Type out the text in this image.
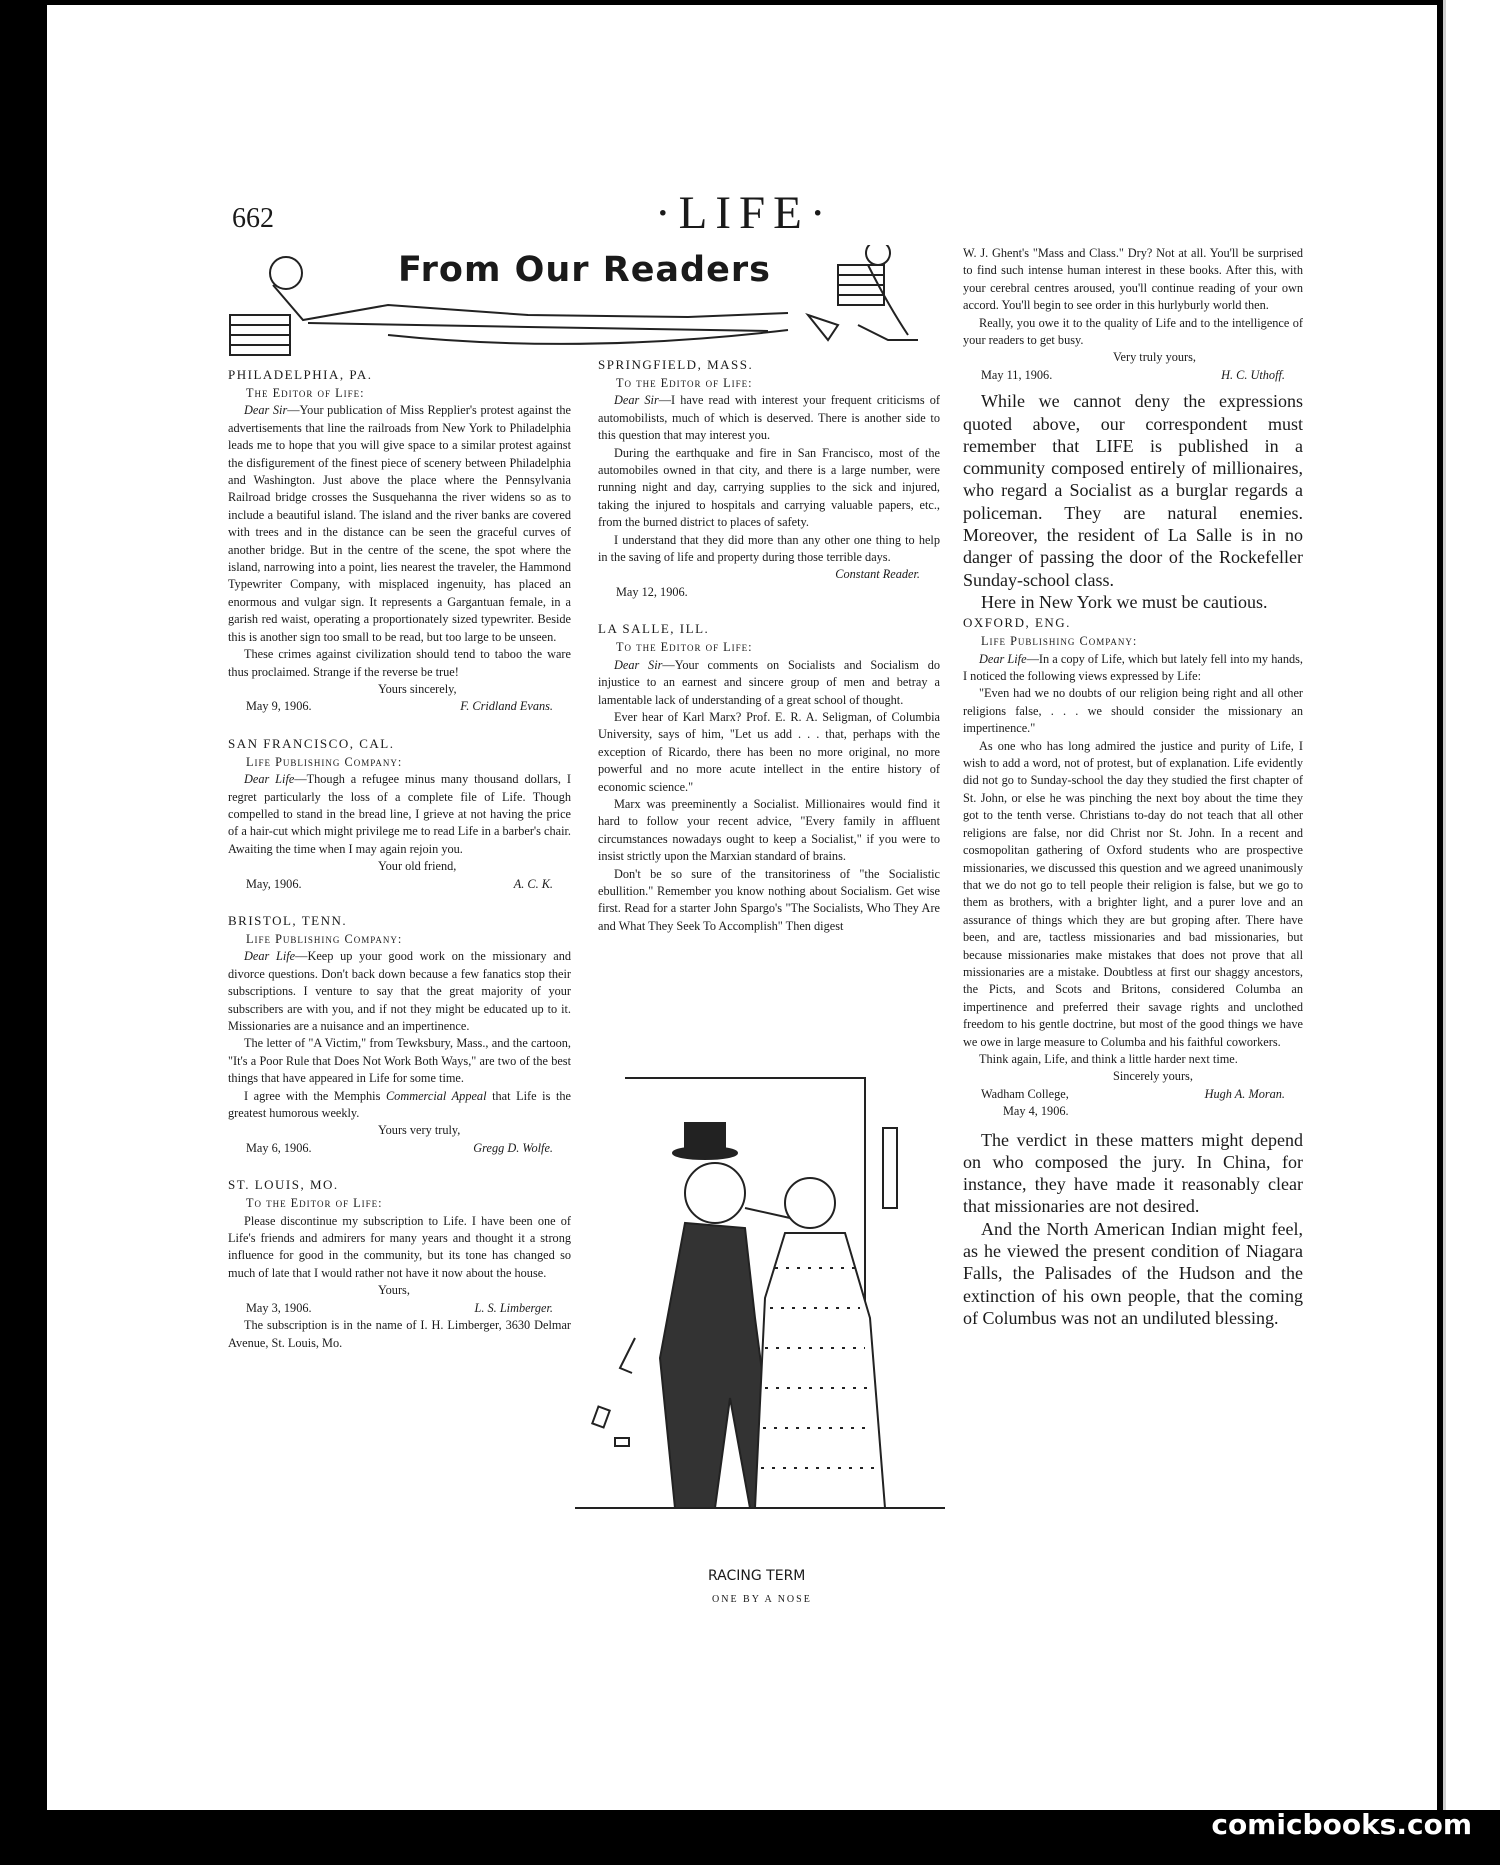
662	·LIFE·
From Our Readers

PHILADELPHIA, PA.

The Editor of Life:

Dear Sir—Your publication of Miss Repplier's protest against the advertisements that line the railroads from New York to Philadelphia leads me to hope that you will give space to a similar protest against the disfigurement of the finest piece of scenery between Philadelphia and Washington. Just above the place where the Pennsylvania Railroad bridge crosses the Susquehanna the river widens so as to include a beautiful island. The island and the river banks are covered with trees and in the distance can be seen the graceful curves of another bridge. But in the centre of the scene, the spot where the island, narrowing into a point, lies nearest the traveler, the Hammond Typewriter Company, with misplaced ingenuity, has placed an enormous and vulgar sign. It represents a Gargantuan female, in a garish red waist, operating a proportionately sized typewriter. Beside this is another sign too small to be read, but too large to be unseen.

These crimes against civilization should tend to taboo the ware thus proclaimed. Strange if the reverse be true!

Yours sincerely,

May 9, 1906.	F. Cridland Evans.

SAN FRANCISCO, CAL.

Life Publishing Company:

Dear Life—Though a refugee minus many thousand dollars, I regret particularly the loss of a complete file of Life. Though compelled to stand in the bread line, I grieve at not having the price of a hair-cut which might privilege me to read Life in a barber's chair. Awaiting the time when I may again rejoin you.

Your old friend,

May, 1906.	A. C. K.

BRISTOL, TENN.

Life Publishing Company:

Dear Life—Keep up your good work on the missionary and divorce questions. Don't back down because a few fanatics stop their subscriptions. I venture to say that the great majority of your subscribers are with you, and if not they might be educated up to it. Missionaries are a nuisance and an impertinence.

The letter of "A Victim," from Tewksbury, Mass., and the cartoon, "It's a Poor Rule that Does Not Work Both Ways," are two of the best things that have appeared in Life for some time.

I agree with the Memphis Commercial Appeal that Life is the greatest humorous weekly.

Yours very truly,

May 6, 1906.	Gregg D. Wolfe.

ST. LOUIS, MO.

To the Editor of Life:

Please discontinue my subscription to Life. I have been one of Life's friends and admirers for many years and thought it a strong influence for good in the community, but its tone has changed so much of late that I would rather not have it now about the house.

Yours,

May 3, 1906.	L. S. Limberger.

The subscription is in the name of I. H. Limberger, 3630 Delmar Avenue, St. Louis, Mo.

SPRINGFIELD, MASS.

To the Editor of Life:

Dear Sir—I have read with interest your frequent criticisms of automobilists, much of which is deserved. There is another side to this question that may interest you.

During the earthquake and fire in San Francisco, most of the automobiles owned in that city, and there is a large number, were running night and day, carrying supplies to the sick and injured, taking the injured to hospitals and carrying valuable papers, etc., from the burned district to places of safety.

I understand that they did more than any other one thing to help in the saving of life and property during those terrible days.

Constant Reader.

May 12, 1906.

LA SALLE, ILL.

To the Editor of Life:

Dear Sir—Your comments on Socialists and Socialism do injustice to an earnest and sincere group of men and betray a lamentable lack of understanding of a great school of thought.

Ever hear of Karl Marx? Prof. E. R. A. Seligman, of Columbia University, says of him, "Let us add . . . that, perhaps with the exception of Ricardo, there has been no more original, no more powerful and no more acute intellect in the entire history of economic science."

Marx was preeminently a Socialist. Millionaires would find it hard to follow your recent advice, "Every family in affluent circumstances nowadays ought to keep a Socialist," if you were to insist strictly upon the Marxian standard of brains.

Don't be so sure of the transitoriness of "the Socialistic ebullition." Remember you know nothing about Socialism. Get wise first. Read for a starter John Spargo's "The Socialists, Who They Are and What They Seek To Accomplish" Then digest

RACING TERM
ONE BY A NOSE

W. J. Ghent's "Mass and Class." Dry? Not at all. You'll be surprised to find such intense human interest in these books. After this, with your cerebral centres aroused, you'll continue reading of your own accord. You'll begin to see order in this hurlyburly world then.

Really, you owe it to the quality of Life and to the intelligence of your readers to get busy.

Very truly yours,

May 11, 1906.	H. C. Uthoff.

While we cannot deny the expressions quoted above, our correspondent must remember that LIFE is published in a community composed entirely of millionaires, who regard a Socialist as a burglar regards a policeman. They are natural enemies. Moreover, the resident of La Salle is in no danger of passing the door of the Rockefeller Sunday-school class.

Here in New York we must be cautious.

OXFORD, ENG.

Life Publishing Company:

Dear Life—In a copy of Life, which but lately fell into my hands, I noticed the following views expressed by Life:

"Even had we no doubts of our religion being right and all other religions false, . . . we should consider the missionary an impertinence."

As one who has long admired the justice and purity of Life, I wish to add a word, not of protest, but of explanation. Life evidently did not go to Sunday-school the day they studied the first chapter of St. John, or else he was pinching the next boy about the time they got to the tenth verse. Christians to-day do not teach that all other religions are false, nor did Christ nor St. John. In a recent and cosmopolitan gathering of Oxford students who are prospective missionaries, we discussed this question and we agreed unanimously that we do not go to tell people their religion is false, but we go to them as brothers, with a brighter light, and a purer love and an assurance of things which they are but groping after. There have been, and are, tactless missionaries and bad missionaries, but because missionaries make mistakes that does not prove that all missionaries are a mistake. Doubtless at first our shaggy ancestors, the Picts, and Scots and Britons, considered Columba an impertinence and preferred their savage rights and unclothed freedom to his gentle doctrine, but most of the good things we have we owe in large measure to Columba and his faithful coworkers.

Think again, Life, and think a little harder next time.

Sincerely yours,

Wadham College,	Hugh A. Moran.

May 4, 1906.

The verdict in these matters might depend on who composed the jury. In China, for instance, they have made it reasonably clear that missionaries are not desired.

And the North American Indian might feel, as he viewed the present condition of Niagara Falls, the Palisades of the Hudson and the extinction of his own people, that the coming of Columbus was not an undiluted blessing.

comicbooks.com
